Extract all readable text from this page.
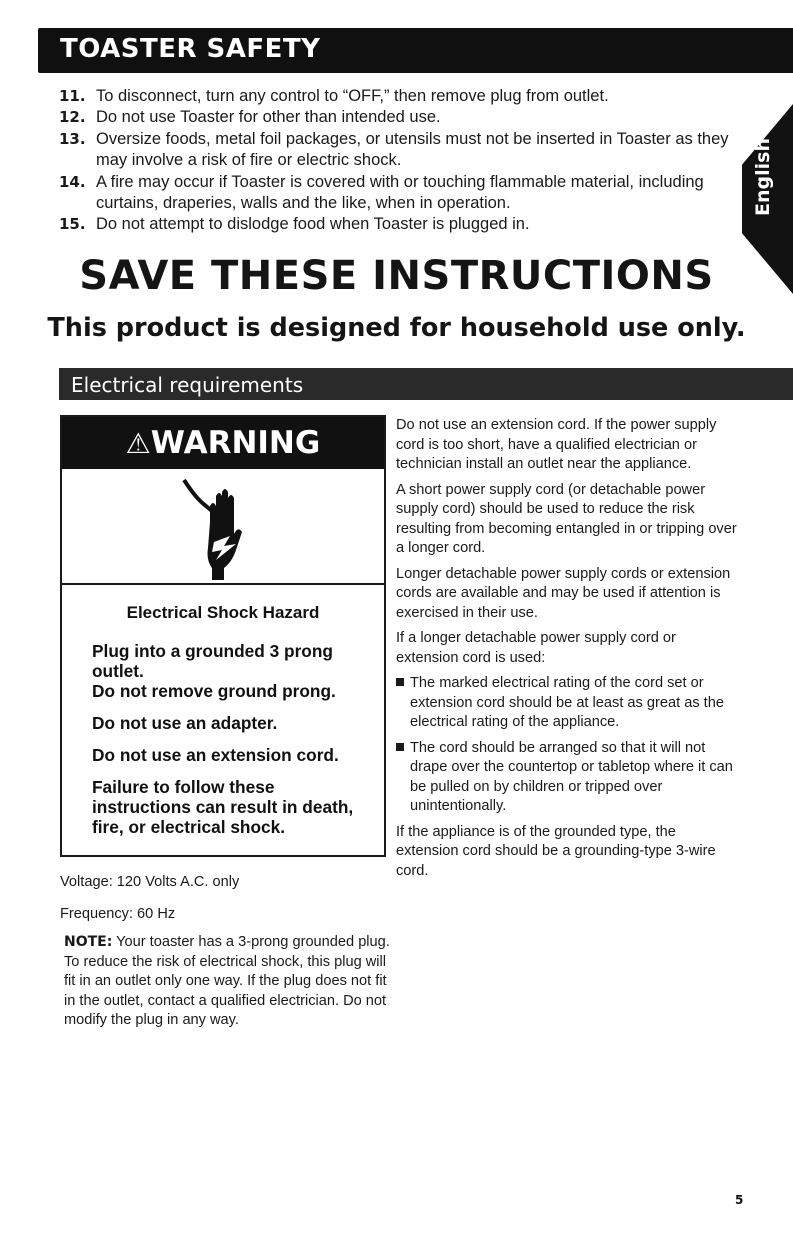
TOASTER SAFETY
English
11. To disconnect, turn any control to “OFF,” then remove plug from outlet.
12. Do not use Toaster for other than intended use.
13. Oversize foods, metal foil packages, or utensils must not be inserted in Toaster as they may involve a risk of fire or electric shock.
14. A fire may occur if Toaster is covered with or touching flammable material, including curtains, draperies, walls and the like, when in operation.
15. Do not attempt to dislodge food when Toaster is plugged in.
SAVE THESE INSTRUCTIONS
This product is designed for household use only.
Electrical requirements
⚠WARNING
Electrical Shock Hazard
Plug into a grounded 3 prong outlet.
Do not remove ground prong.
Do not use an adapter.
Do not use an extension cord.
Failure to follow these instructions can result in death, fire, or electrical shock.
Voltage: 120 Volts A.C. only
Frequency: 60 Hz
NOTE: Your toaster has a 3-prong grounded plug. To reduce the risk of electrical shock, this plug will fit in an outlet only one way. If the plug does not fit in the outlet, contact a qualified electrician. Do not modify the plug in any way.

Do not use an extension cord. If the power supply cord is too short, have a qualified electrician or technician install an outlet near the appliance.

A short power supply cord (or detachable power supply cord) should be used to reduce the risk resulting from becoming entangled in or tripping over a longer cord.

Longer detachable power supply cords or extension cords are available and may be used if attention is exercised in their use.

If a longer detachable power supply cord or extension cord is used:

The marked electrical rating of the cord set or extension cord should be at least as great as the electrical rating of the appliance.

The cord should be arranged so that it will not drape over the countertop or tabletop where it can be pulled on by children or tripped over unintentionally.

If the appliance is of the grounded type, the extension cord should be a grounding-type 3-wire cord.

5
